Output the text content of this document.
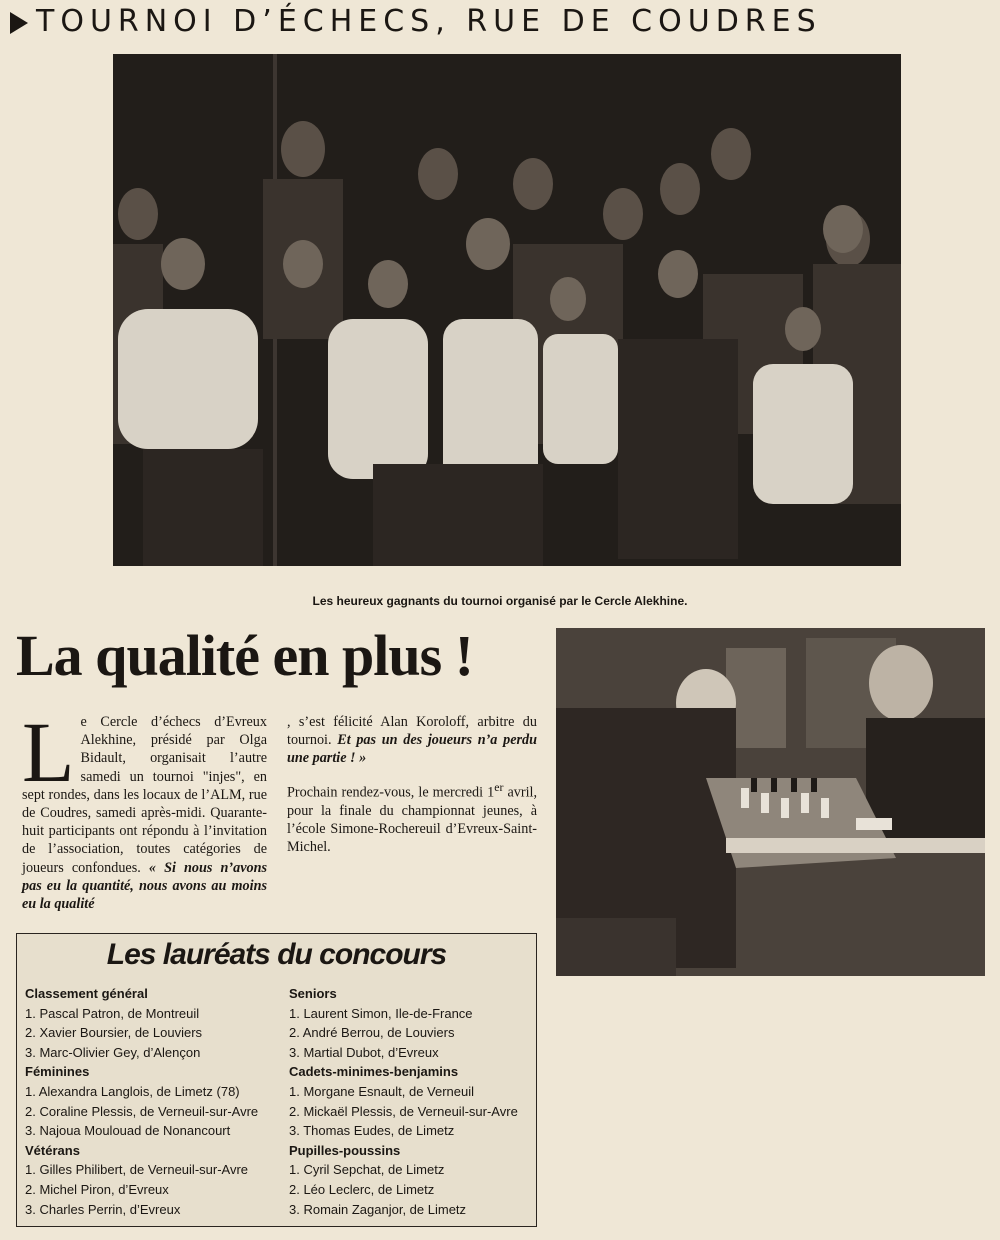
TOURNOI D’ÉCHECS, RUE DE COUDRES
Les heureux gagnants du tournoi organisé par le Cercle Alekhine.
La qualité en plus !
Le Cercle d’échecs d’Evreux Alekhine, présidé par Olga Bidault, organisait l’autre samedi un tournoi "injes", en sept rondes, dans les locaux de l’ALM, rue de Coudres, samedi après-midi. Quarante-huit participants ont répondu à l’invitation de l’association, toutes catégories de joueurs confondues. « Si nous n’avons pas eu la quantité, nous avons au moins eu la qualité
, s’est félicité Alan Koroloff, arbitre du tournoi. Et pas un des joueurs n’a perdu une partie ! »
Prochain rendez-vous, le mercredi 1er avril, pour la finale du championnat jeunes, à l’école Simone-Rochereuil d’Evreux-Saint-Michel.
Les lauréats du concours
Classement général
1. Pascal Patron, de Montreuil
2. Xavier Boursier, de Louviers
3. Marc-Olivier Gey, d’Alençon
Féminines
1. Alexandra Langlois, de Limetz (78)
2. Coraline Plessis, de Verneuil-sur-Avre
3. Najoua Moulouad de Nonancourt
Vétérans
1. Gilles Philibert, de Verneuil-sur-Avre
2. Michel Piron, d’Evreux
3. Charles Perrin, d’Evreux
Seniors
1. Laurent Simon, Ile-de-France
2. André Berrou, de Louviers
3. Martial Dubot, d’Evreux
Cadets-minimes-benjamins
1. Morgane Esnault, de Verneuil
2. Mickaël Plessis, de Verneuil-sur-Avre
3. Thomas Eudes, de Limetz
Pupilles-poussins
1. Cyril Sepchat, de Limetz
2. Léo Leclerc, de Limetz
3. Romain Zaganjor, de Limetz
